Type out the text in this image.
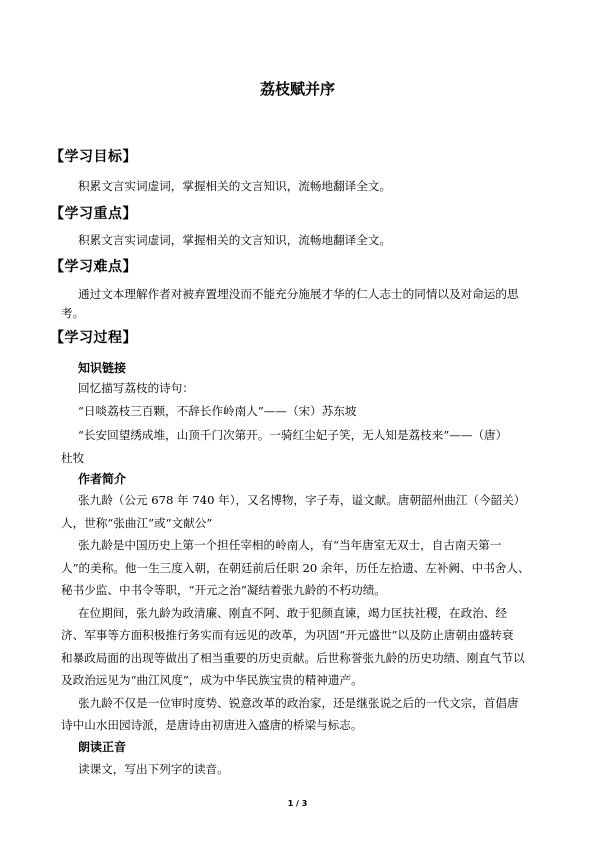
荔枝赋并序
【学习目标】
积累文言实词虚词，掌握相关的文言知识，流畅地翻译全文。
【学习重点】
积累文言实词虚词，掌握相关的文言知识，流畅地翻译全文。
【学习难点】
通过文本理解作者对被弃置埋没而不能充分施展才华的仁人志士的同情以及对命运的思
考。
【学习过程】
知识链接
回忆描写荔枝的诗句：
“日啖荔枝三百颗，不辞长作岭南人”——（宋）苏东坡
“长安回望绣成堆，山顶千门次第开。一骑红尘妃子笑，无人知是荔枝来”——（唐）
杜牧
作者简介
张九龄（公元 678 年 740 年），又名博物，字子寿，谥文献。唐朝韶州曲江（今韶关）
人，世称“张曲江”或“文献公”
张九龄是中国历史上第一个担任宰相的岭南人，有“当年唐室无双士，自古南天第一
人”的美称。他一生三度入朝，在朝廷前后任职 20 余年，历任左拾遗、左补阙、中书舍人、
秘书少监、中书令等职，“开元之治”凝结着张九龄的不朽功绩。
在位期间，张九龄为政清廉、刚直不阿、敢于犯颜直谏，竭力匡扶社稷，在政治、经
济、军事等方面积极推行务实而有远见的改革，为巩固“开元盛世”以及防止唐朝由盛转衰
和暴政局面的出现等做出了相当重要的历史贡献。后世称誉张九龄的历史功绩、刚直气节以
及政治远见为“曲江风度”，成为中华民族宝贵的精神遗产。
张九龄不仅是一位审时度势、锐意改革的政治家，还是继张说之后的一代文宗，首倡唐
诗中山水田园诗派，是唐诗由初唐进入盛唐的桥梁与标志。
朗读正音
读课文，写出下列字的读音。
1 / 3
